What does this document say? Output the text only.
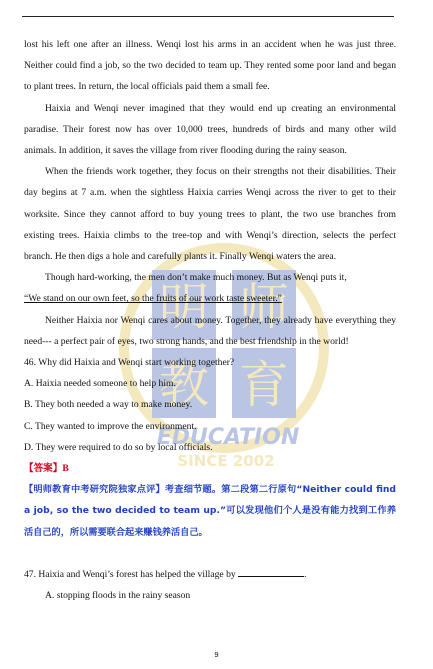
明 师
教 育
EDUCATION
SINCE 2002

lost his left one after an illness. Wenqi lost his arms in an accident when he was just three. Neither could find a job, so the two decided to team up. They rented some poor land and began to plant trees. In return, the local officials paid them a small fee.

Haixia and Wenqi never imagined that they would end up creating an environmental paradise. Their forest now has over 10,000 trees, hundreds of birds and many other wild animals. In addition, it saves the village from river flooding during the rainy season.

When the friends work together, they focus on their strengths not their disabilities. Their day begins at 7 a.m. when the sightless Haixia carries Wenqi across the river to get to their worksite. Since they cannot afford to buy young trees to plant, the two use branches from existing trees. Haixia climbs to the tree-top and with Wenqi’s direction, selects the perfect branch. He then digs a hole and carefully plants it. Finally Wenqi waters the area.

Though hard-working, the men don’t make much money. But as Wenqi puts it,
“We stand on our own feet, so the fruits of our work taste sweeter.”

Neither Haixia nor Wenqi cares about money. Together, they already have everything they need--- a perfect pair of eyes, two strong hands, and the best friendship in the world!

46. Why did Haixia and Wenqi start working together?

A. Haixia needed someone to help him.

B. They both needed a way to make money.

C. They wanted to improve the environment.

D. They were required to do so by local officials.

【答案】B

【明师教育中考研究院独家点评】考查细节题。第二段第二行原句“Neither could find a job, so the two decided to team up.”可以发现他们个人是没有能力找到工作养活自己的，所以需要联合起来赚钱养活自己。

47. Haixia and Wenqi’s forest has helped the village by	.

A. stopping floods in the rainy season

9
